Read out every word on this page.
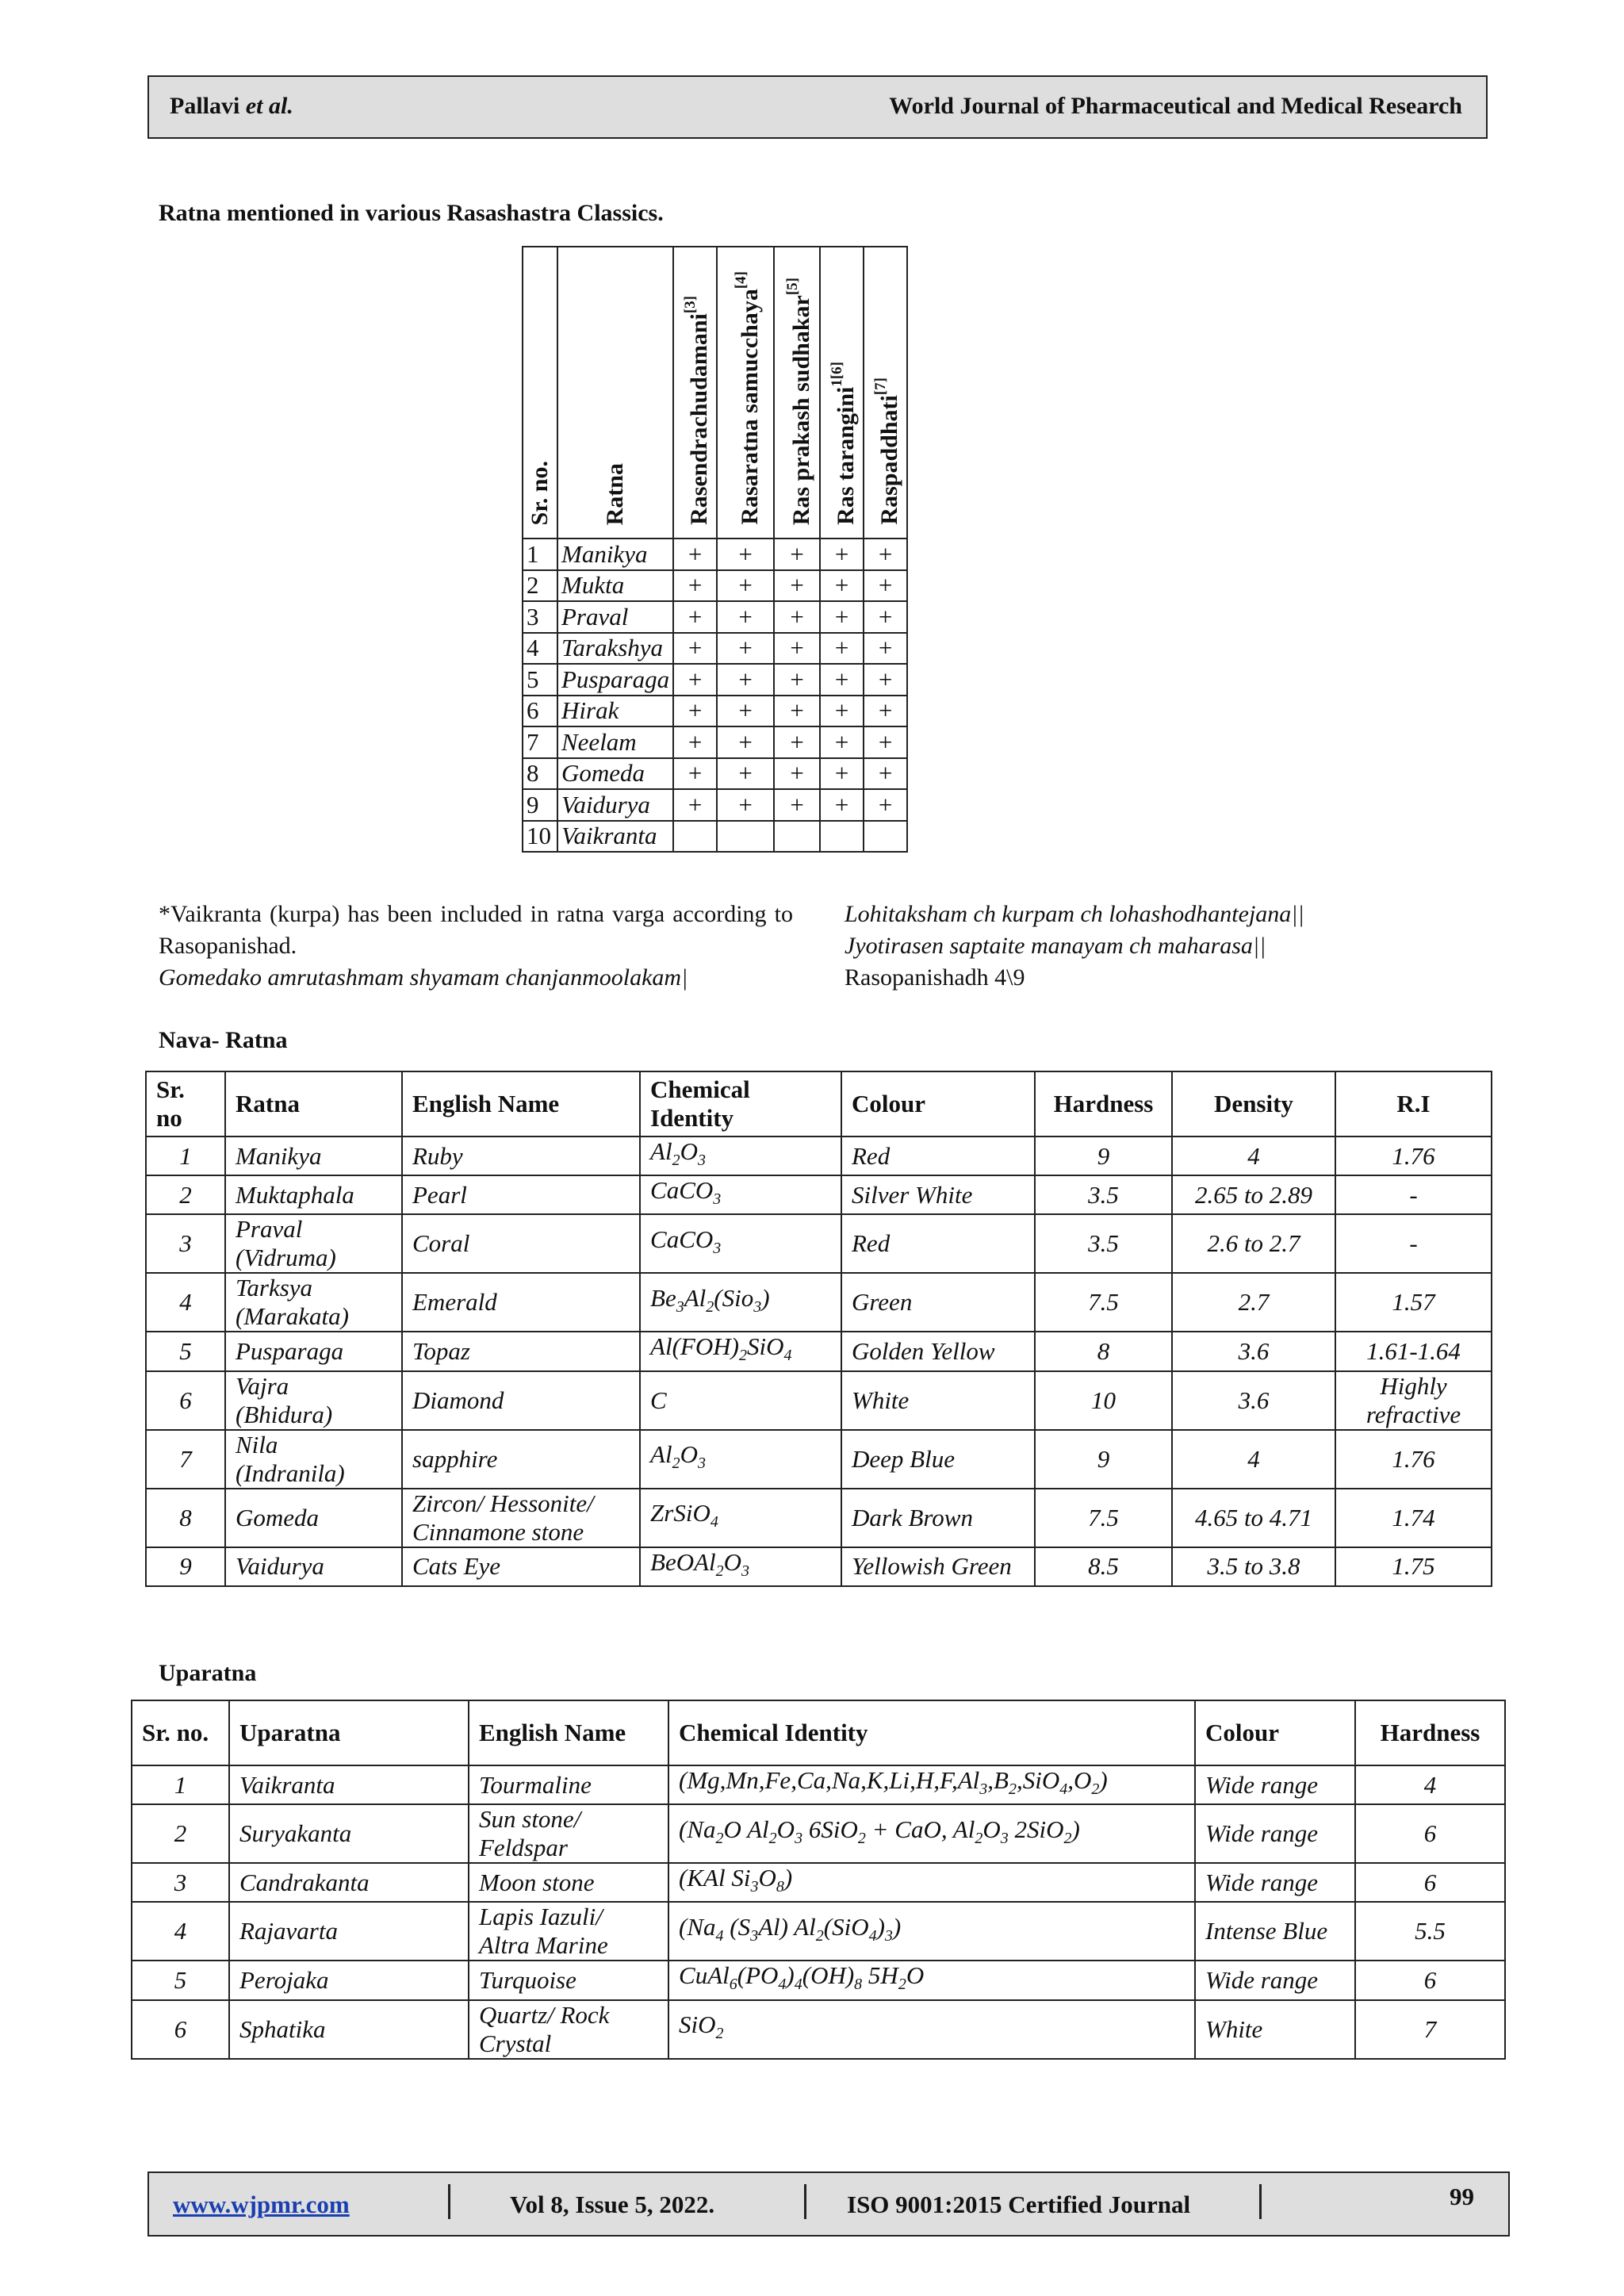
Pallavi et al.	World Journal of Pharmaceutical and Medical Research
Ratna mentioned in various Rasashastra Classics.
Sr. no.	Ratna	Rasendrachudamani[3]	Rasaratna samucchaya[4]	Ras prakash sudhakar[5]	Ras tarangini$^{1[6]}$	Raspaddhati[7]
1	Manikya	+	+	+	+	+
2	Mukta	+	+	+	+	+
3	Praval	+	+	+	+	+
4	Tarakshya	+	+	+	+	+
5	Pusparaga	+	+	+	+	+
6	Hirak	+	+	+	+	+
7	Neelam	+	+	+	+	+
8	Gomeda	+	+	+	+	+
9	Vaidurya	+	+	+	+	+
10	Vaikranta					
*Vaikranta (kurpa) has been included in ratna varga according to Rasopanishad.
Gomedako amrutashmam shyamam chanjanmoolakam|
Lohitaksham ch kurpam ch lohashodhantejana||
Jyotirasen saptaite manayam ch maharasa||
Rasopanishadh 4\9
Nava- Ratna
Sr. no	Ratna	English Name	Chemical Identity	Colour	Hardness	Density	R.I
1	Manikya	Ruby	$Al_2O_3$	Red	9	4	1.76
2	Muktaphala	Pearl	CaCO$_3$	Silver White	3.5	2.65 to 2.89	-
3	Praval (Vidruma)	Coral	CaCO$_3$	Red	3.5	2.6 to 2.7	-
4	Tarksya (Marakata)	Emerald	$Be_3Al_2(Sio_3)$	Green	7.5	2.7	1.57
5	Pusparaga	Topaz	$Al(FOH)_2SiO_4$	Golden Yellow	8	3.6	1.61-1.64
6	Vajra (Bhidura)	Diamond	C	White	10	3.6	Highly refractive
7	Nila (Indranila)	sapphire	$Al_2O_3$	Deep Blue	9	4	1.76
8	Gomeda	Zircon/ Hessonite/ Cinnamone stone	ZrSiO$_4$	Dark Brown	7.5	4.65 to 4.71	1.74
9	Vaidurya	Cats Eye	$BeOAl_2O_3$	Yellowish Green	8.5	3.5 to 3.8	1.75
Uparatna
Sr. no.	Uparatna	English Name	Chemical Identity	Colour	Hardness
1	Vaikranta	Tourmaline	$(Mg,Mn,Fe,Ca,Na,K,Li,H,F,Al_3,B_2,SiO_4,O_2)$	Wide range	4
2	Suryakanta	Sun stone/ Feldspar	($Na_2O$ $Al_2O_3$ 6SiO$_2$ + CaO, $Al_2O_3$ 2SiO$_2$)	Wide range	6
3	Candrakanta	Moon stone	(KAl $Si_3O_8$)	Wide range	6
4	Rajavarta	Lapis Iazuli/ Altra Marine	($Na_4$ $(S_3Al)$ $Al_2(SiO_4)_3$)	Intense Blue	5.5
5	Perojaka	Turquoise	$CuAl_6(PO_4)_4(OH)_8$ $5H_2O$	Wide range	6
6	Sphatika	Quartz/ Rock Crystal	SiO$_2$	White	7
www.wjpmr.com	Vol 8, Issue 5, 2022.	ISO 9001:2015 Certified Journal	99
